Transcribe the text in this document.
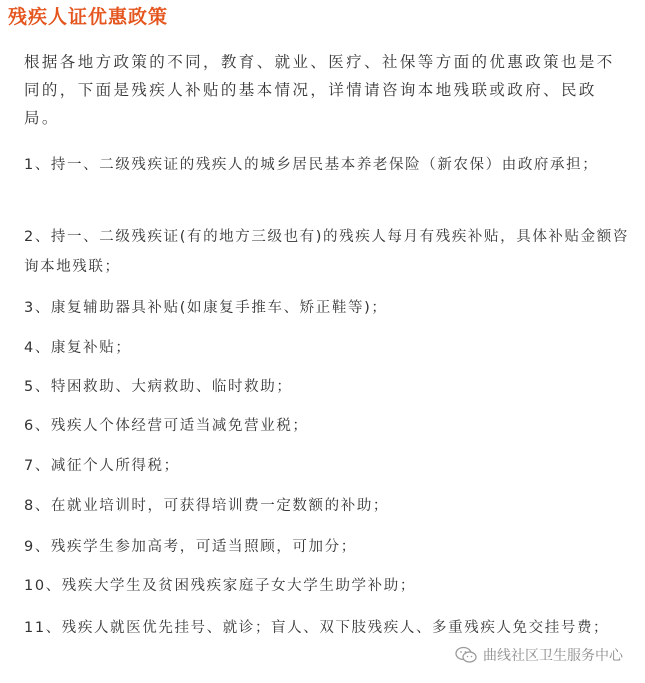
残疾人证优惠政策

根据各地方政策的不同，教育、就业、医疗、社保等方面的优惠政策也是不同的，下面是残疾人补贴的基本情况，详情请咨询本地残联或政府、民政局。

1、持一、二级残疾证的残疾人的城乡居民基本养老保险（新农保）由政府承担；

2、持一、二级残疾证(有的地方三级也有)的残疾人每月有残疾补贴，具体补贴金额咨询本地残联；

3、康复辅助器具补贴(如康复手推车、矫正鞋等)；

4、康复补贴；

5、特困救助、大病救助、临时救助；

6、残疾人个体经营可适当减免营业税；

7、减征个人所得税；

8、在就业培训时，可获得培训费一定数额的补助；

9、残疾学生参加高考，可适当照顾，可加分；

10、残疾大学生及贫困残疾家庭子女大学生助学补助；

11、残疾人就医优先挂号、就诊；盲人、双下肢残疾人、多重残疾人免交挂号费；

曲线社区卫生服务中心
